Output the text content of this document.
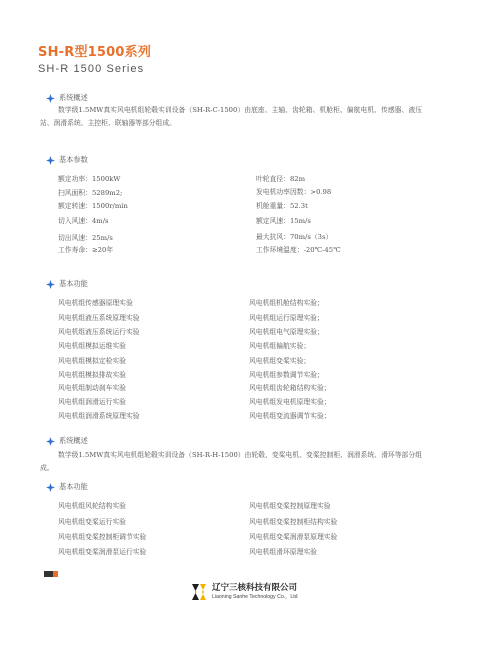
SH-R型1500系列
SH-R 1500 Series
系统概述

数学级1.5MW真实风电机组轮毂实训设备（SH-R-C-1500）由底座、主轴、齿轮箱、机舱柜、偏航电机、传感器、液压站、润滑系统、主控柜、联轴器等部分组成。

基本参数
额定功率：1500kW
扫风面积：5289m2;
额定转速：1500r/min
切入风速：4m/s
切出风速：25m/s
工作寿命：≥20年
叶轮直径：82m
发电机功率因数：>0.98
机舱重量：52.3t
额定风速：15m/s
最大抗风：70m/s（3s）
工作环境温度：-20℃-45℃
基本功能
风电机组传感器原理实验
风电机组液压系统原理实验
风电机组液压系统运行实验
风电机组模拟运维实验
风电机组模拟定检实验
风电机组模拟排故实验
风电机组制动刹车实验
风电机组润滑运行实验
风电机组润滑系统原理实验
风电机组机舱结构实验；
风电机组运行原理实验；
风电机组电气原理实验；
风电机组偏航实验；
风电机组变桨实验；
风电机组参数调节实验；
风电机组齿轮箱结构实验；
风电机组发电机原理实验；
风电机组变流器调节实验；
系统概述

数学级1.5MW真实风电机组轮毂实训设备（SH-R-H-1500）由轮毂、变桨电机、变桨控制柜、润滑系统、滑环等部分组成。

基本功能
风电机组风轮结构实验
风电机组变桨运行实验
风电机组变桨控制柜调节实验
风电机组变桨润滑泵运行实验
风电机组变桨控制原理实验
风电机组变桨控制柜结构实验
风电机组变桨润滑泵原理实验
风电机组滑环原理实验
辽宁三核科技有限公司
Liaoning Sanhe Technology Co.，Ltd
